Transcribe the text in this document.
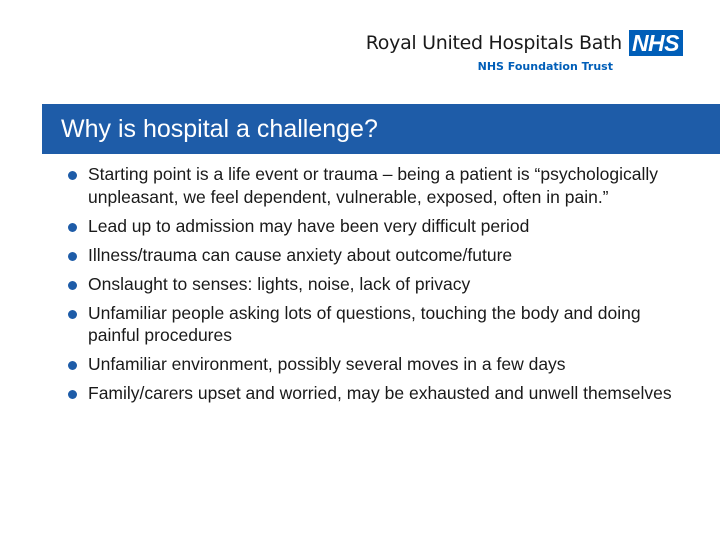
Royal United Hospitals Bath NHS
NHS Foundation Trust
Why is hospital a challenge?
Starting point is a life event or trauma – being a patient is “psychologically unpleasant, we feel dependent, vulnerable, exposed, often in pain.”
Lead up to admission may have been very difficult period
Illness/trauma can cause anxiety about outcome/future
Onslaught to senses: lights, noise, lack of privacy
Unfamiliar people asking lots of questions, touching the body and doing painful procedures
Unfamiliar environment, possibly several moves in a few days
Family/carers upset and worried, may be exhausted and unwell themselves
